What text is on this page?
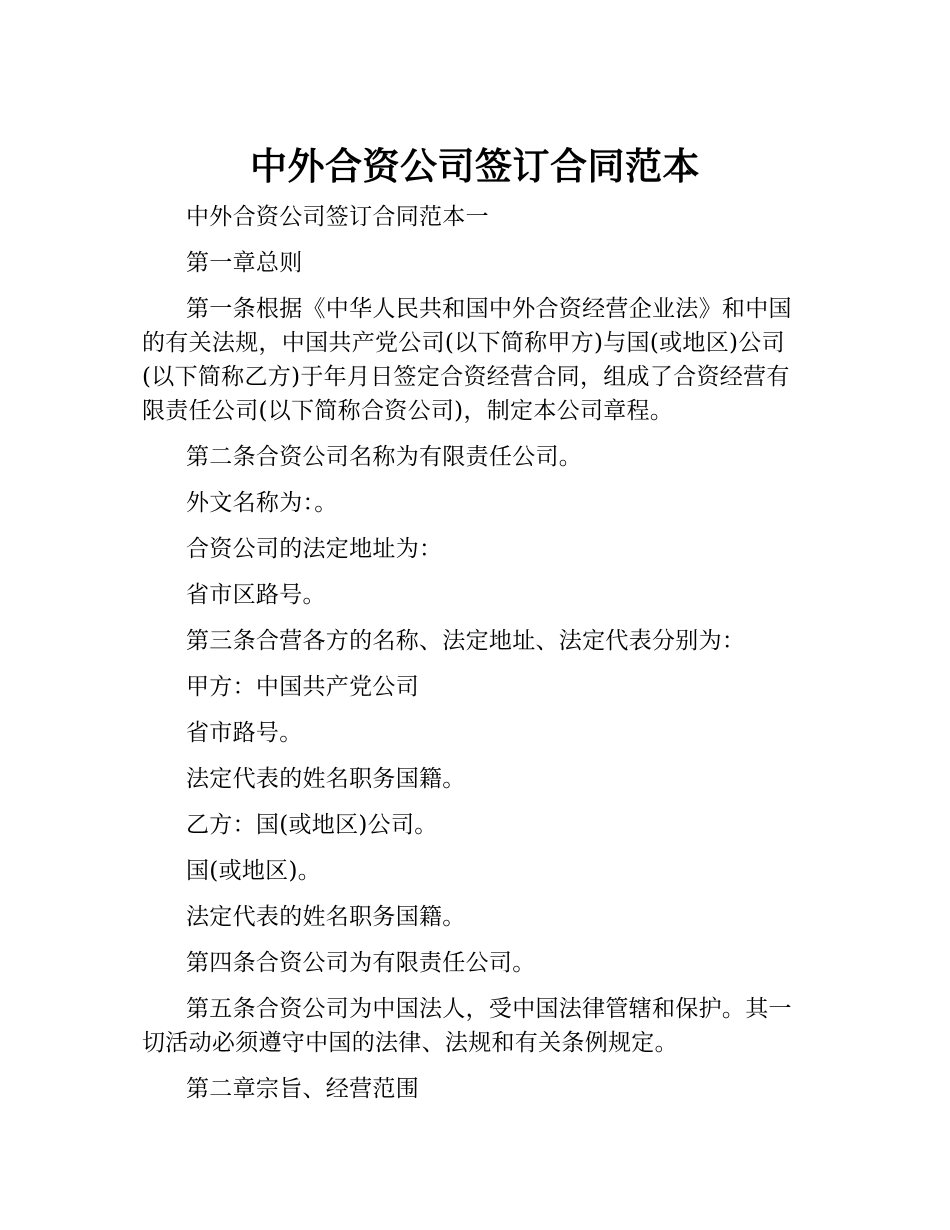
中外合资公司签订合同范本

中外合资公司签订合同范本一

第一章总则

第一条根据《中华人民共和国中外合资经营企业法》和中国的有关法规，中国共产党公司(以下简称甲方)与国(或地区)公司(以下简称乙方)于年月日签定合资经营合同，组成了合资经营有限责任公司(以下简称合资公司)，制定本公司章程。

第二条合资公司名称为有限责任公司。

外文名称为：。

合资公司的法定地址为：

省市区路号。

第三条合营各方的名称、法定地址、法定代表分别为：

甲方：中国共产党公司

省市路号。

法定代表的姓名职务国籍。

乙方：国(或地区)公司。

国(或地区)。

法定代表的姓名职务国籍。

第四条合资公司为有限责任公司。

第五条合资公司为中国法人，受中国法律管辖和保护。其一切活动必须遵守中国的法律、法规和有关条例规定。

第二章宗旨、经营范围
